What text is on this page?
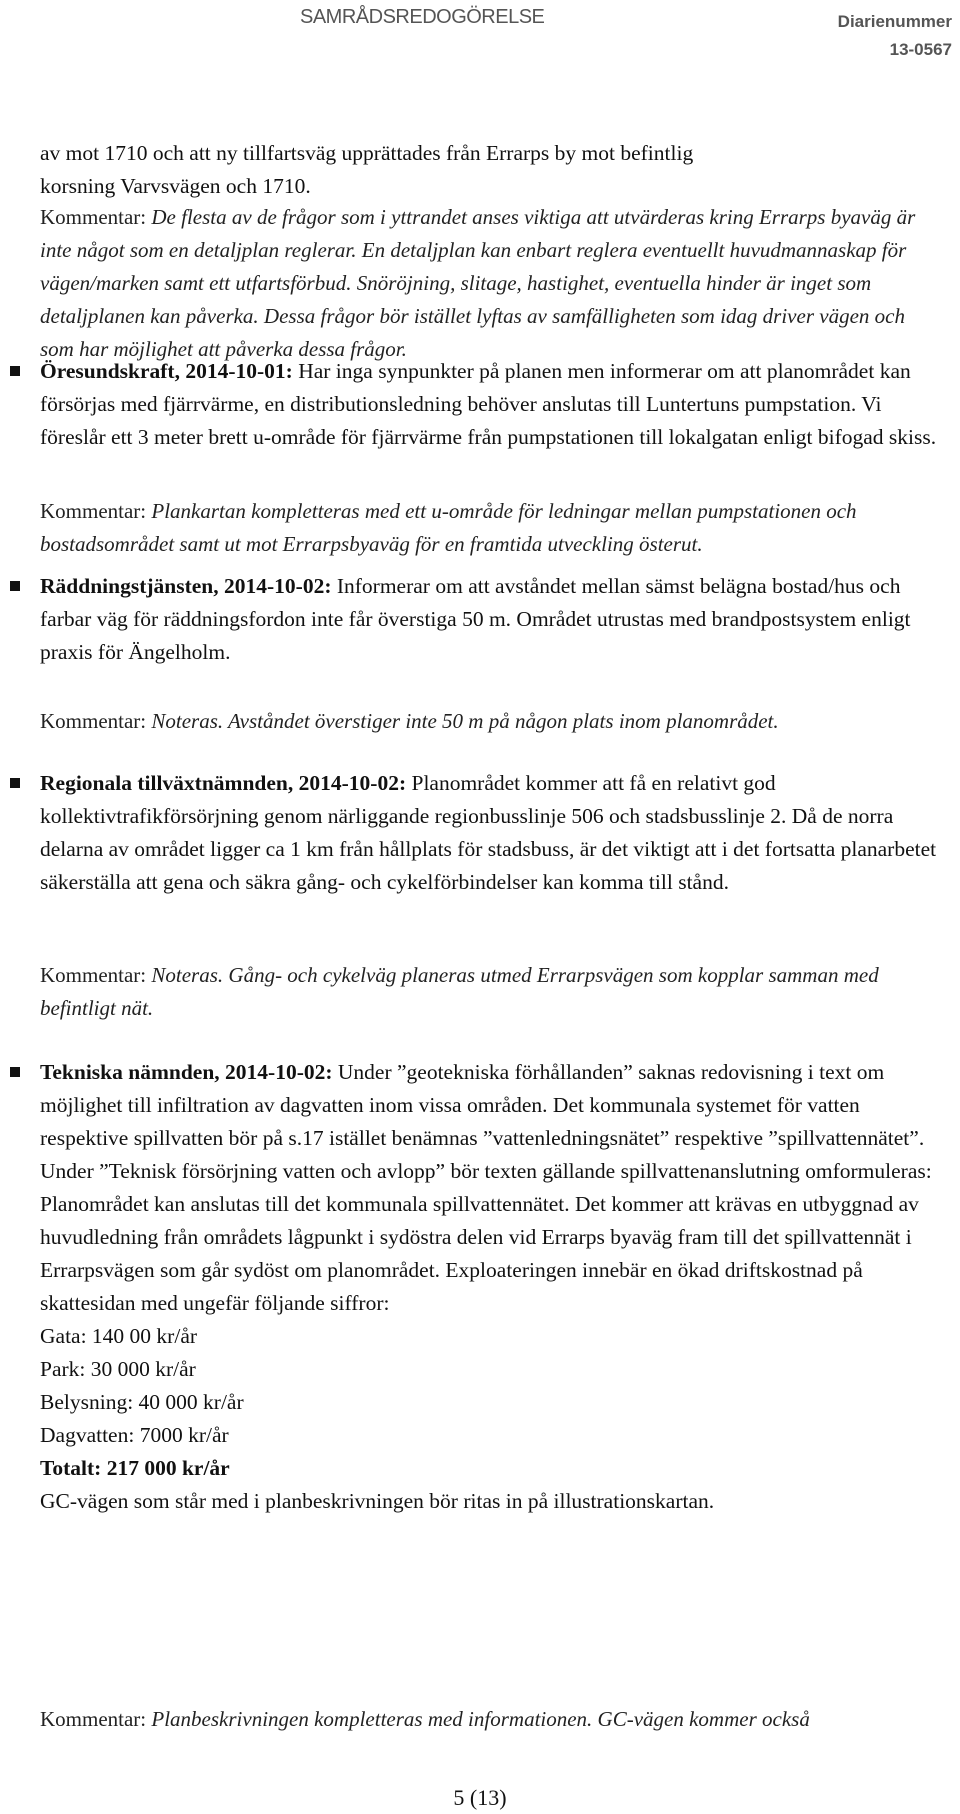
SAMRÅDSREDOGÖRELSE	Diarienummer
13-0567

av mot 1710 och att ny tillfartsväg upprättades från Errarps by mot befintlig

korsning Varvsvägen och 1710.

Kommentar: De flesta av de frågor som i yttrandet anses viktiga att utvärderas kring Errarps byaväg är inte något som en detaljplan reglerar. En detaljplan kan enbart reglera eventuellt huvudmannaskap för vägen/marken samt ett utfartsförbud. Snöröjning, slitage, hastighet, eventuella hinder är inget som detaljplanen kan påverka. Dessa frågor bör istället lyftas av samfälligheten som idag driver vägen och som har möjlighet att påverka dessa frågor.
Öresundskraft, 2014-10-01: Har inga synpunkter på planen men informerar om att planområdet kan försörjas med fjärrvärme, en distributionsledning behöver anslutas till Luntertuns pumpstation. Vi föreslår ett 3 meter brett u-område för fjärrvärme från pumpstationen till lokalgatan enligt bifogad skiss.
Kommentar: Plankartan kompletteras med ett u-område för ledningar mellan pumpstationen och bostadsområdet samt ut mot Errarpsbyaväg för en framtida utveckling österut.
Räddningstjänsten, 2014-10-02: Informerar om att avståndet mellan sämst belägna bostad/hus och farbar väg för räddningsfordon inte får överstiga 50 m. Området utrustas med brandpostsystem enligt praxis för Ängelholm.
Kommentar: Noteras. Avståndet överstiger inte 50 m på någon plats inom planområdet.
Regionala tillväxtnämnden, 2014-10-02: Planområdet kommer att få en relativt god kollektivtrafikförsörjning genom närliggande regionbusslinje 506 och stadsbusslinje 2. Då de norra delarna av området ligger ca 1 km från hållplats för stadsbuss, är det viktigt att i det fortsatta planarbetet säkerställa att gena och säkra gång- och cykelförbindelser kan komma till stånd.
Kommentar: Noteras. Gång- och cykelväg planeras utmed Errarpsvägen som kopplar samman med befintligt nät.

Tekniska nämnden, 2014-10-02: Under ”geotekniska förhållanden” saknas redovisning i text om möjlighet till infiltration av dagvatten inom vissa områden. Det kommunala systemet för vatten respektive spillvatten bör på s.17 istället benämnas ”vattenledningsnätet” respektive ”spillvattennätet”. Under ”Teknisk försörjning vatten och avlopp” bör texten gällande spillvattenanslutning omformuleras: Planområdet kan anslutas till det kommunala spillvattennätet. Det kommer att krävas en utbyggnad av huvudledning från områdets lågpunkt i sydöstra delen vid Errarps byaväg fram till det spillvattennät i Errarpsvägen som går sydöst om planområdet. Exploateringen innebär en ökad driftskostnad på skattesidan med ungefär följande siffror:

Gata: 140 00 kr/år

Park: 30 000 kr/år

Belysning: 40 000 kr/år

Dagvatten: 7000 kr/år

Totalt: 217 000 kr/år

GC-vägen som står med i planbeskrivningen bör ritas in på illustrationskartan.

Kommentar: Planbeskrivningen kompletteras med informationen. GC-vägen kommer också
5 (13)
